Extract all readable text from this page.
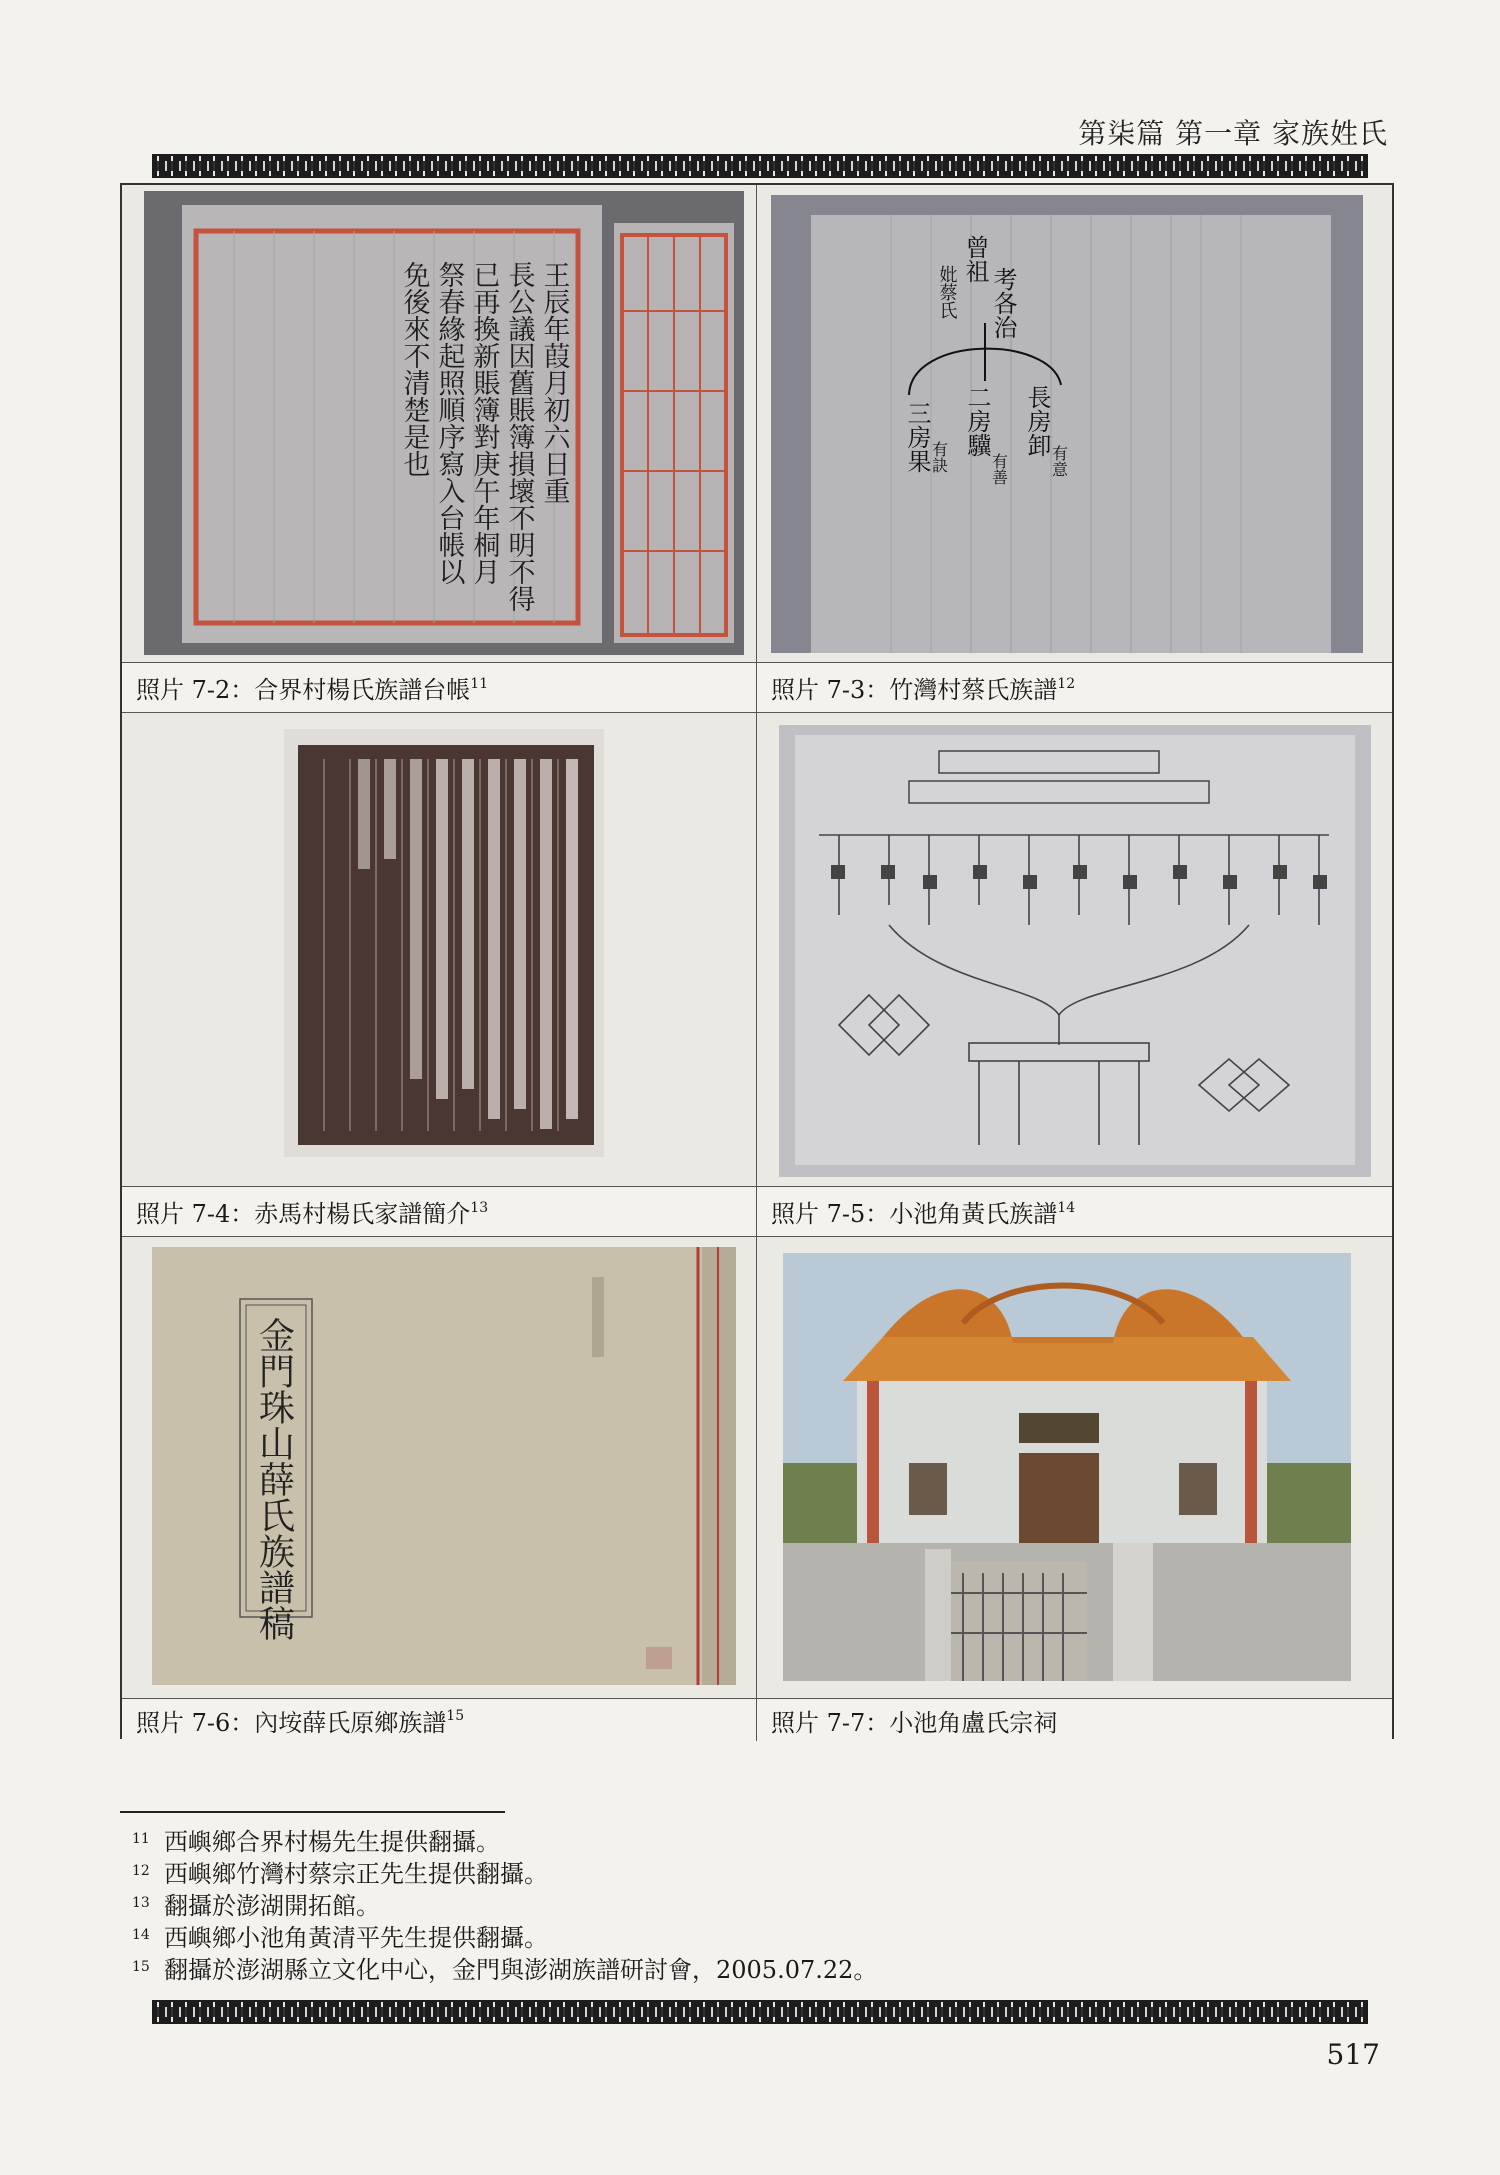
第柒篇 第一章 家族姓氏
王辰年葭月初六日重
長公議因舊賬簿損壞不明不得
已再換新賬簿對庚午年桐月
祭春緣起照順序寫入台帳以
免後來不清楚是也
曾祖
考各治
妣蔡氏
長房卸
有意
二房驥
有善
三房果
有訣
照片 7-2：合界村楊氏族譜台帳$^{11}$	照片 7-3：竹灣村蔡氏族譜$^{12}$
照片 7-4：赤馬村楊氏家譜簡介$^{13}$	照片 7-5：小池角黃氏族譜$^{14}$
金門珠山薛氏族譜稿
照片 7-6：內垵薛氏原鄉族譜$^{15}$	照片 7-7：小池角盧氏宗祠
11 西嶼鄉合界村楊先生提供翻攝。
12 西嶼鄉竹灣村蔡宗正先生提供翻攝。
13 翻攝於澎湖開拓館。
14 西嶼鄉小池角黃清平先生提供翻攝。
15 翻攝於澎湖縣立文化中心，金門與澎湖族譜研討會，2005.07.22。
517
